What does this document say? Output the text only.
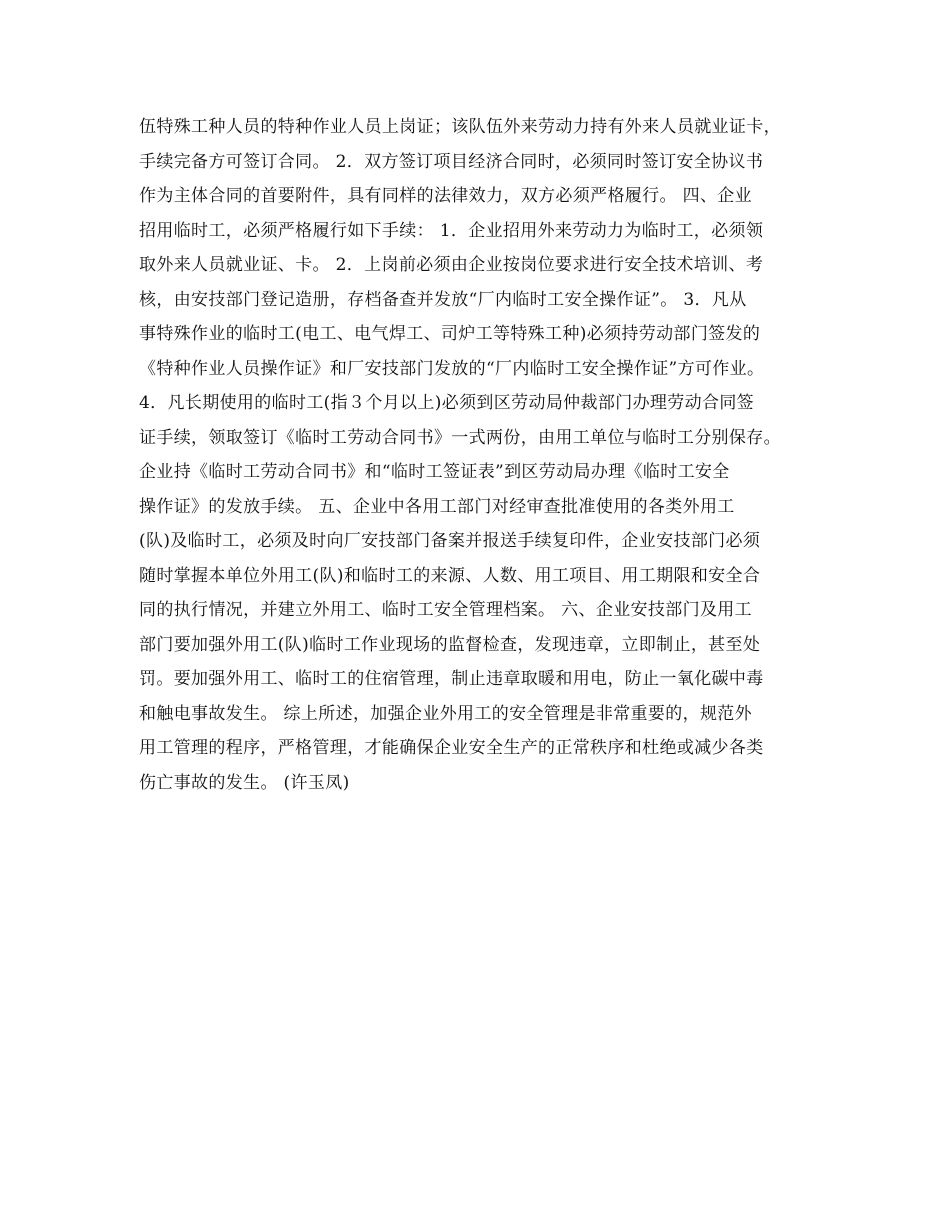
伍特殊工种人员的特种作业人员上岗证；该队伍外来劳动力持有外来人员就业证卡，
手续完备方可签订合同。 2．双方签订项目经济合同时，必须同时签订安全协议书
作为主体合同的首要附件，具有同样的法律效力，双方必须严格履行。 四、企业
招用临时工，必须严格履行如下手续： 1．企业招用外来劳动力为临时工，必须领
取外来人员就业证、卡。 2．上岗前必须由企业按岗位要求进行安全技术培训、考
核，由安技部门登记造册，存档备查并发放“厂内临时工安全操作证”。 3．凡从
事特殊作业的临时工(电工、电气焊工、司炉工等特殊工种)必须持劳动部门签发的
《特种作业人员操作证》和厂安技部门发放的“厂内临时工安全操作证”方可作业。
4．凡长期使用的临时工(指３个月以上)必须到区劳动局仲裁部门办理劳动合同签
证手续，领取签订《临时工劳动合同书》一式两份，由用工单位与临时工分别保存。
企业持《临时工劳动合同书》和“临时工签证表”到区劳动局办理《临时工安全
操作证》的发放手续。 五、企业中各用工部门对经审查批准使用的各类外用工
(队)及临时工，必须及时向厂安技部门备案并报送手续复印件，企业安技部门必须
随时掌握本单位外用工(队)和临时工的来源、人数、用工项目、用工期限和安全合
同的执行情况，并建立外用工、临时工安全管理档案。 六、企业安技部门及用工
部门要加强外用工(队)临时工作业现场的监督检查，发现违章，立即制止，甚至处
罚。要加强外用工、临时工的住宿管理，制止违章取暖和用电，防止一氧化碳中毒
和触电事故发生。 综上所述，加强企业外用工的安全管理是非常重要的，规范外
用工管理的程序，严格管理，才能确保企业安全生产的正常秩序和杜绝或减少各类
伤亡事故的发生。 (许玉凤)
